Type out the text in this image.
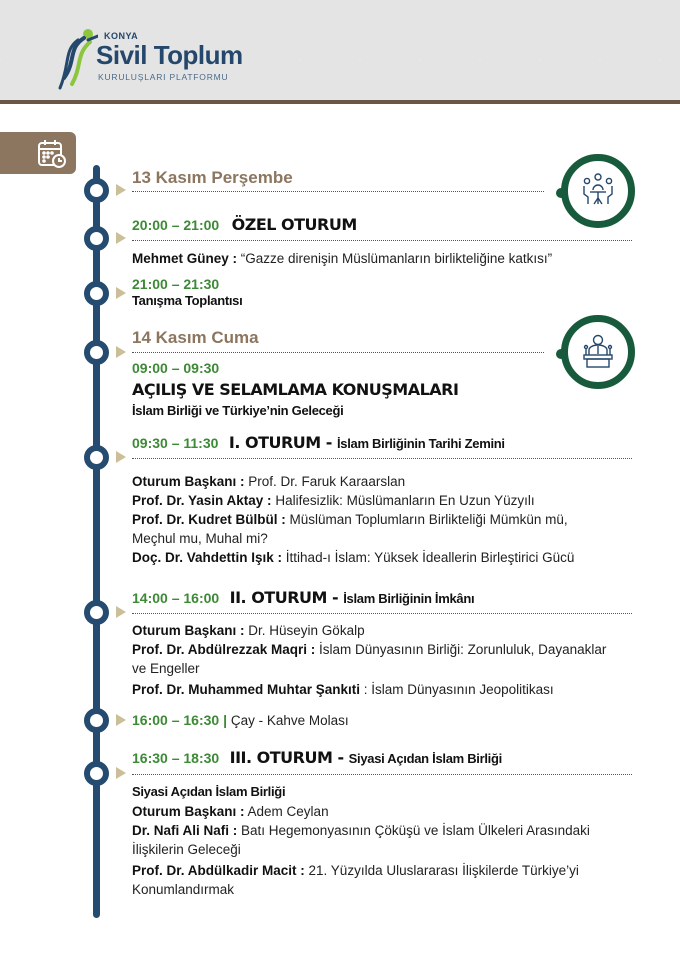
KONYA
Sivil Toplum
KURULUŞLARI PLATFORMU
13 Kasım Perşembe
20:00 – 21:00 ÖZEL OTURUM
Mehmet Güney : “Gazze direnişin Müslümanların birlikteliğine katkısı”
21:00 – 21:30
Tanışma Toplantısı
14 Kasım Cuma
09:00 – 09:30
AÇILIŞ VE SELAMLAMA KONUŞMALARI
İslam Birliği ve Türkiye’nin Geleceği
09:30 – 11:30 I. OTURUM - İslam Birliğinin Tarihi Zemini
Oturum Başkanı : Prof. Dr. Faruk Karaarslan
Prof. Dr. Yasin Aktay : Halifesizlik: Müslümanların En Uzun Yüzyılı
Prof. Dr. Kudret Bülbül : Müslüman Toplumların Birlikteliği Mümkün mü,
Meçhul mu, Muhal mi?
Doç. Dr. Vahdettin Işık : İttihad-ı İslam: Yüksek İdeallerin Birleştirici Gücü
14:00 – 16:00 II. OTURUM - İslam Birliğinin İmkânı
Oturum Başkanı : Dr. Hüseyin Gökalp
Prof. Dr. Abdülrezzak Maqri : İslam Dünyasının Birliği: Zorunluluk, Dayanaklar
ve Engeller
Prof. Dr. Muhammed Muhtar Şankıti : İslam Dünyasının Jeopolitikası
16:00 – 16:30 | Çay - Kahve Molası
16:30 – 18:30 III. OTURUM - Siyasi Açıdan İslam Birliği
Siyasi Açıdan İslam Birliği
Oturum Başkanı : Adem Ceylan
Dr. Nafi Ali Nafi : Batı Hegemonyasının Çöküşü ve İslam Ülkeleri Arasındaki
İlişkilerin Geleceği
Prof. Dr. Abdülkadir Macit : 21. Yüzyılda Uluslararası İlişkilerde Türkiye’yi
Konumlandırmak
